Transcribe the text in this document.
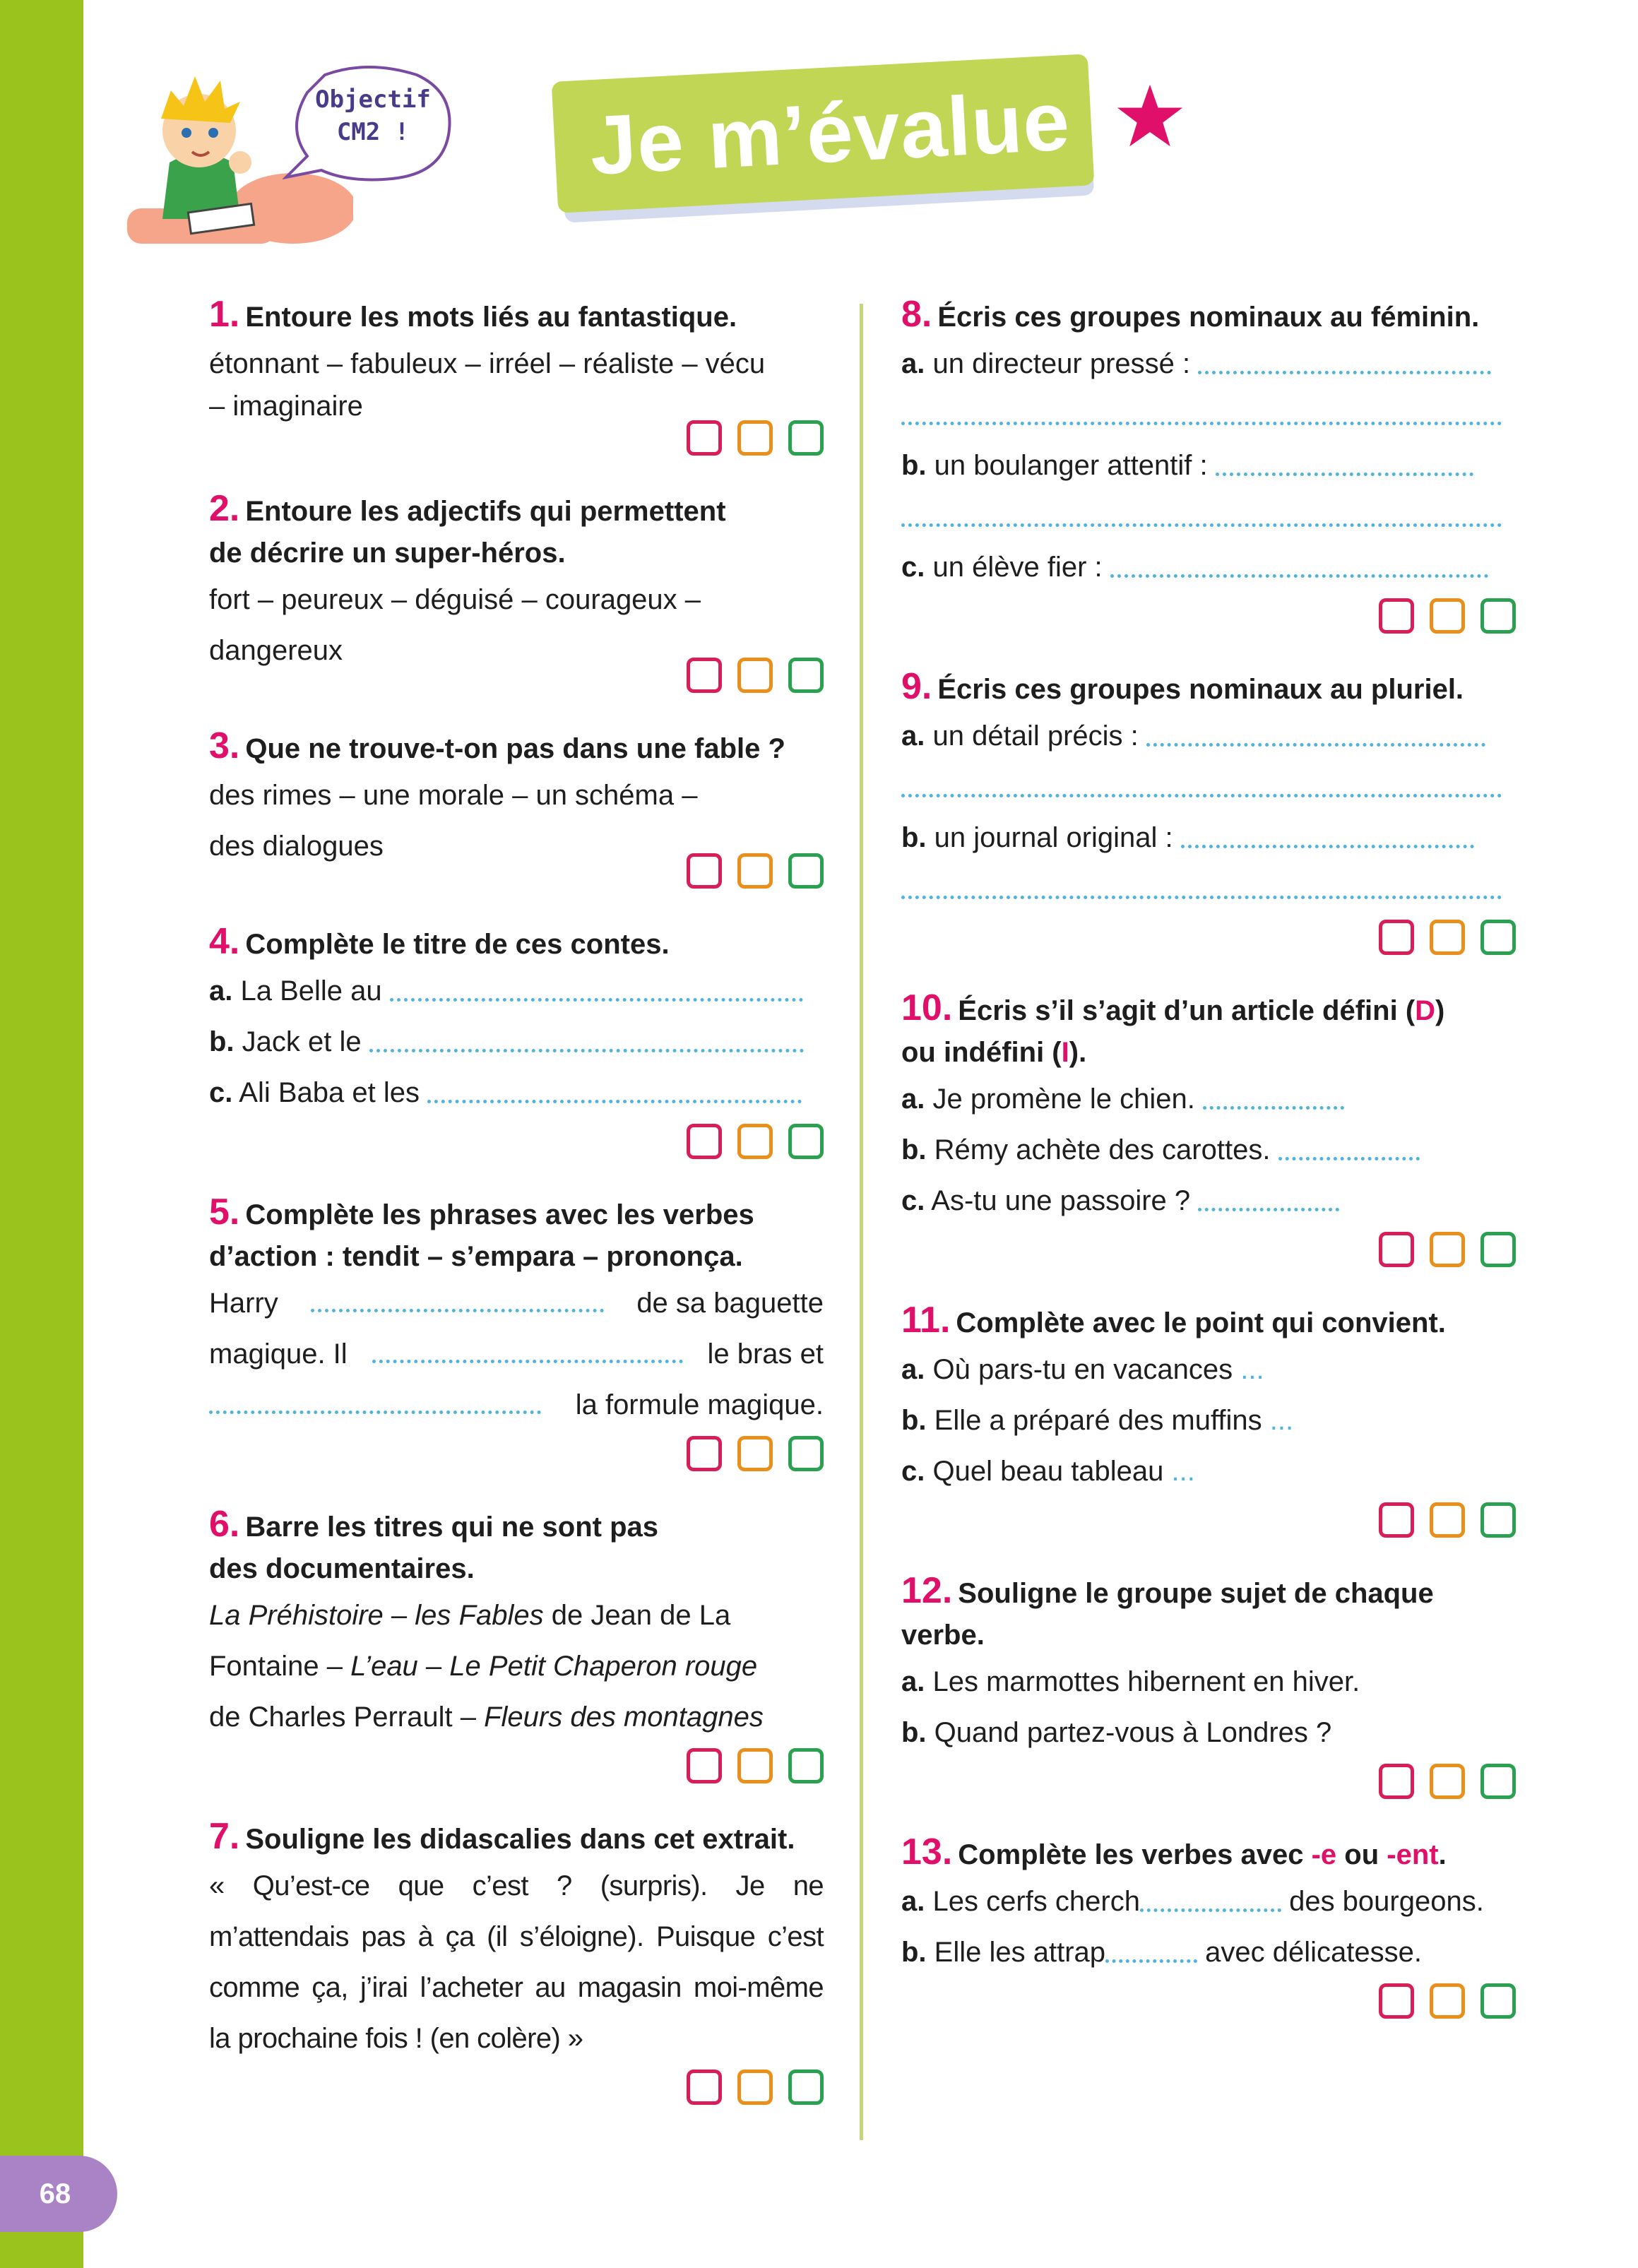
68
Objectif
CM2 !	Je m’évalue

1. Entoure les mots liés au fantastique.

étonnant – fabuleux – irréel – réaliste – vécu
– imaginaire

2. Entoure les adjectifs qui permettent
de décrire un super-héros.

fort – peureux – déguisé – courageux –
dangereux

3. Que ne trouve-t-on pas dans une fable ?

des rimes – une morale – un schéma –
des dialogues

4. Complète le titre de ces contes.

a. La Belle au
b. Jack et le
c. Ali Baba et les

5. Complète les phrases avec les verbes
d’action : tendit – s’empara – prononça.

Harry	de sa baguette
magique. Il	le bras et
la formule magique.

6. Barre les titres qui ne sont pas
des documentaires.

La Préhistoire – les Fables de Jean de La
Fontaine – L’eau – Le Petit Chaperon rouge
de Charles Perrault – Fleurs des montagnes

7. Souligne les didascalies dans cet extrait.

« Qu’est-ce que c’est ? (surpris). Je ne m’attendais pas à ça (il s’éloigne). Puisque c’est comme ça, j’irai l’acheter au magasin moi-même la prochaine fois ! (en colère) »

8. Écris ces groupes nominaux au féminin.

a. un directeur pressé :
b. un boulanger attentif :
c. un élève fier :

9. Écris ces groupes nominaux au pluriel.

a. un détail précis :
b. un journal original :

10. Écris s’il s’agit d’un article défini (D)
ou indéfini (I).

a. Je promène le chien.
b. Rémy achète des carottes.
c. As-tu une passoire ?

11. Complète avec le point qui convient.

a. Où pars-tu en vacances ...
b. Elle a préparé des muffins ...
c. Quel beau tableau ...

12. Souligne le groupe sujet de chaque verbe.

a. Les marmottes hibernent en hiver.
b. Quand partez-vous à Londres ?

13. Complète les verbes avec -e ou -ent.

a. Les cerfs cherch	des bourgeons.
b. Elle les attrap	avec délicatesse.
